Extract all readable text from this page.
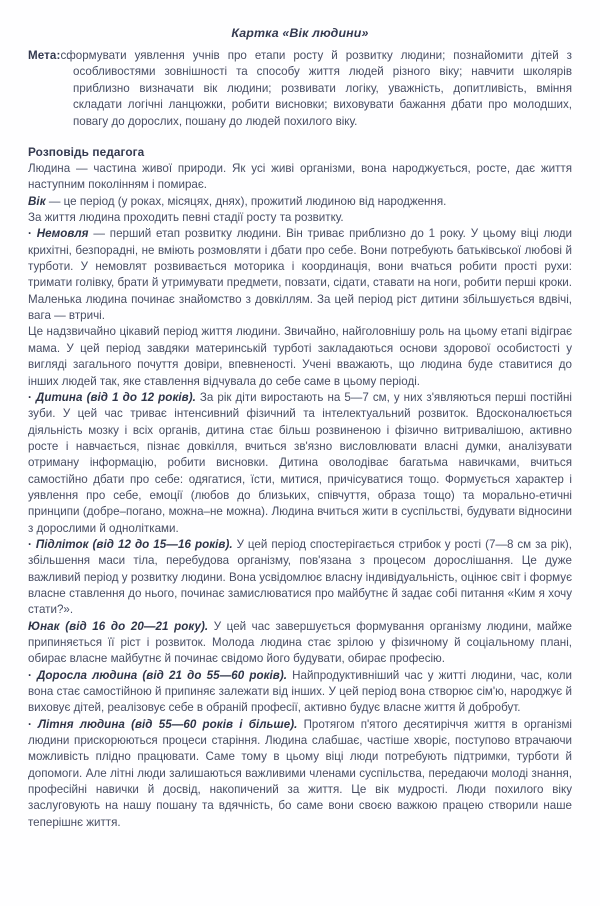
Картка «Вік людини»

Мета:сформувати уявлення учнів про етапи росту й розвитку людини; познайомити дітей з особливостями зовнішності та способу життя людей різного віку; навчити школярів приблизно визначати вік людини; розвивати логіку, уважність, допитливість, вміння складати логічні ланцюжки, робити висновки; виховувати бажання дбати про молодших, повагу до дорослих, пошану до людей похилого віку.

Розповідь педагога

Людина — частина живої природи. Як усі живі організми, вона народжується, росте, дає життя наступним поколінням і помирає.

Вік — це період (у роках, місяцях, днях), прожитий людиною від народження.

За життя людина проходить певні стадії росту та розвитку.

· Немовля — перший етап розвитку людини. Він триває приблизно до 1 року. У цьому віці люди крихітні, безпорадні, не вміють розмовляти і дбати про себе. Вони потребують батьківської любові й турботи. У немовлят розвивається моторика і координація, вони вчаться робити прості рухи: тримати голівку, брати й утримувати предмети, повзати, сідати, ставати на ноги, робити перші кроки. Маленька людина починає знайомство з довкіллям. За цей період ріст дитини збільшується вдвічі, вага — втричі.

Це надзвичайно цікавий період життя людини. Звичайно, найголовнішу роль на цьому етапі відіграє мама. У цей період завдяки материнській турботі закладаються основи здорової особистості у вигляді загального почуття довіри, впевненості. Учені вважають, що людина буде ставитися до інших людей так, яке ставлення відчувала до себе саме в цьому періоді.

· Дитина (від 1 до 12 років). За рік діти виростають на 5—7 см, у них з'являються перші постійні зуби. У цей час триває інтенсивний фізичний та інтелектуальний розвиток. Вдосконалюється діяльність мозку і всіх органів, дитина стає більш розвиненою і фізично витривалішою, активно росте і навчається, пізнає довкілля, вчиться зв'язно висловлювати власні думки, аналізувати отриману інформацію, робити висновки. Дитина оволодіває багатьма навичками, вчиться самостійно дбати про себе: одягатися, їсти, митися, причісуватися тощо. Формується характер і уявлення про себе, емоції (любов до близьких, співчуття, образа тощо) та морально-етичні принципи (добре–погано, можна–не можна). Людина вчиться жити в суспільстві, будувати відносини з дорослими й однолітками.

· Підліток (від 12 до 15—16 років). У цей період спостерігається стрибок у рості (7—8 см за рік), збільшення маси тіла, перебудова організму, пов'язана з процесом дорослішання. Це дуже важливий період у розвитку людини. Вона усвідомлює власну індивідуальність, оцінює світ і формує власне ставлення до нього, починає замислюватися про майбутнє й задає собі питання «Ким я хочу стати?».

Юнак (від 16 до 20—21 року). У цей час завершується формування організму людини, майже припиняється її ріст і розвиток. Молода людина стає зрілою у фізичному й соціальному плані, обирає власне майбутнє й починає свідомо його будувати, обирає професію.

· Доросла людина (від 21 до 55—60 років). Найпродуктивніший час у житті людини, час, коли вона стає самостійною й припиняє залежати від інших. У цей період вона створює сім'ю, народжує й виховує дітей, реалізовує себе в обраній професії, активно будує власне життя й добробут.

· Літня людина (від 55—60 років і більше). Протягом п'ятого десятиріччя життя в організмі людини прискорюються процеси старіння. Людина слабшає, частіше хворіє, поступово втрачаючи можливість плідно працювати. Саме тому в цьому віці люди потребують підтримки, турботи й допомоги. Але літні люди залишаються важливими членами суспільства, передаючи молоді знання, професійні навички й досвід, накопичений за життя. Це вік мудрості. Люди похилого віку заслуговують на нашу пошану та вдячність, бо саме вони своєю важкою працею створили наше теперішнє життя.
